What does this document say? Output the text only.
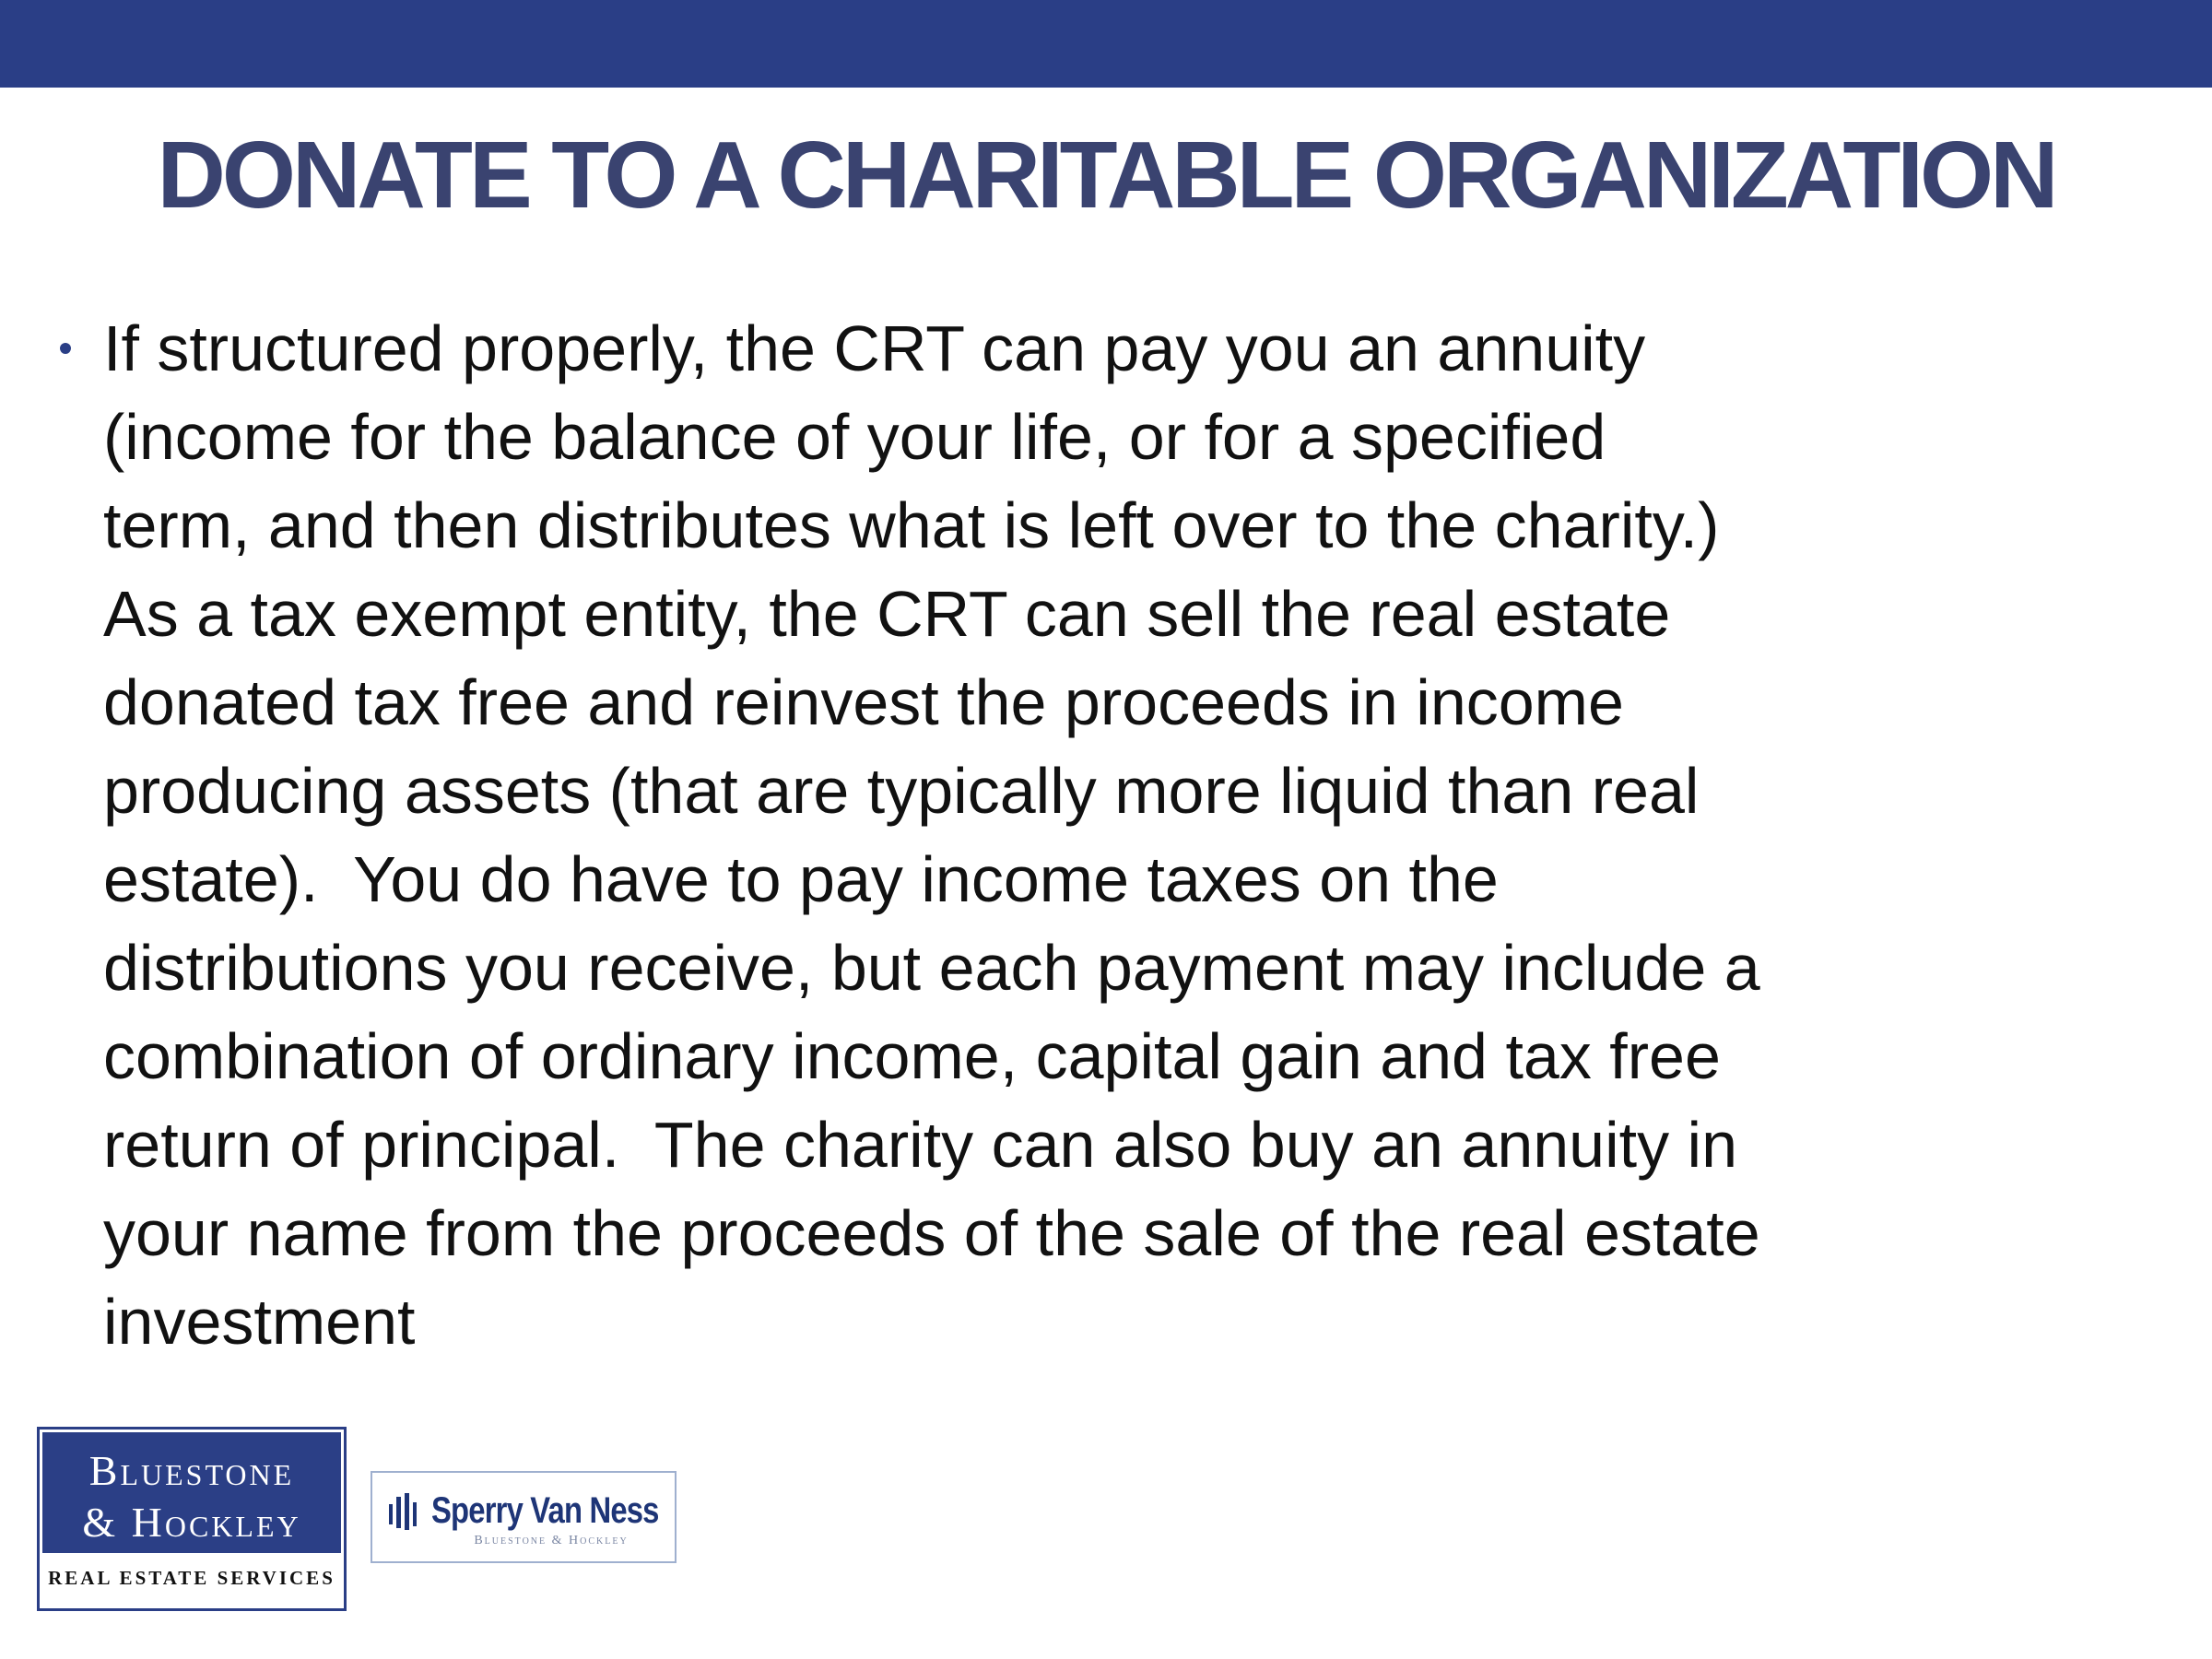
DONATE TO A CHARITABLE ORGANIZATION
If structured properly, the CRT can pay you an annuity
(income for the balance of your life, or for a specified
term, and then distributes what is left over to the charity.)
As a tax exempt entity, the CRT can sell the real estate
donated tax free and reinvest the proceeds in income
producing assets (that are typically more liquid than real
estate).  You do have to pay income taxes on the
distributions you receive, but each payment may include a
combination of ordinary income, capital gain and tax free
return of principal.  The charity can also buy an annuity in
your name from the proceeds of the sale of the real estate
investment
Bluestone
& Hockley
REAL ESTATE SERVICES
Sperry Van Ness
Bluestone & Hockley
